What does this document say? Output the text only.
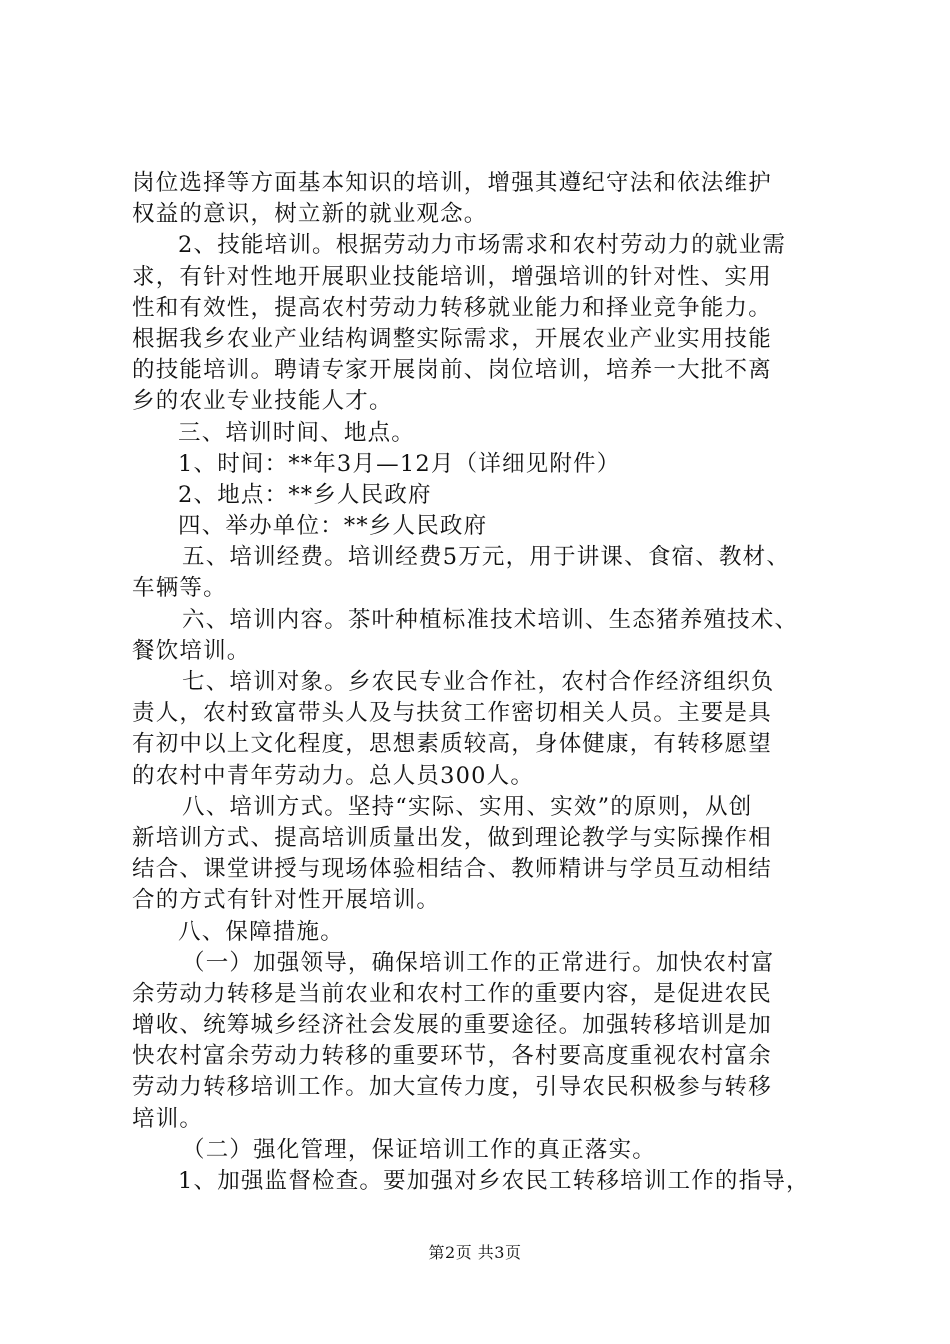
岗位选择等方面基本知识的培训，增强其遵纪守法和依法维护
权益的意识，树立新的就业观念。
2、技能培训。根据劳动力市场需求和农村劳动力的就业需
求，有针对性地开展职业技能培训，增强培训的针对性、实用
性和有效性，提高农村劳动力转移就业能力和择业竞争能力。
根据我乡农业产业结构调整实际需求，开展农业产业实用技能
的技能培训。聘请专家开展岗前、岗位培训，培养一大批不离
乡的农业专业技能人才。
三、培训时间、地点。
1、时间：**年3月—12月（详细见附件）
2、地点：**乡人民政府
四、举办单位：**乡人民政府
五、培训经费。培训经费5万元，用于讲课、食宿、教材、
车辆等。
六、培训内容。茶叶种植标准技术培训、生态猪养殖技术、
餐饮培训。
七、培训对象。乡农民专业合作社，农村合作经济组织负
责人，农村致富带头人及与扶贫工作密切相关人员。主要是具
有初中以上文化程度，思想素质较高，身体健康，有转移愿望
的农村中青年劳动力。总人员300人。
八、培训方式。坚持“实际、实用、实效”的原则，从创
新培训方式、提高培训质量出发，做到理论教学与实际操作相
结合、课堂讲授与现场体验相结合、教师精讲与学员互动相结
合的方式有针对性开展培训。
八、保障措施。
（一）加强领导，确保培训工作的正常进行。加快农村富
余劳动力转移是当前农业和农村工作的重要内容，是促进农民
增收、统筹城乡经济社会发展的重要途径。加强转移培训是加
快农村富余劳动力转移的重要环节，各村要高度重视农村富余
劳动力转移培训工作。加大宣传力度，引导农民积极参与转移
培训。
（二）强化管理，保证培训工作的真正落实。
1、加强监督检查。要加强对乡农民工转移培训工作的指导，
第2页 共3页
